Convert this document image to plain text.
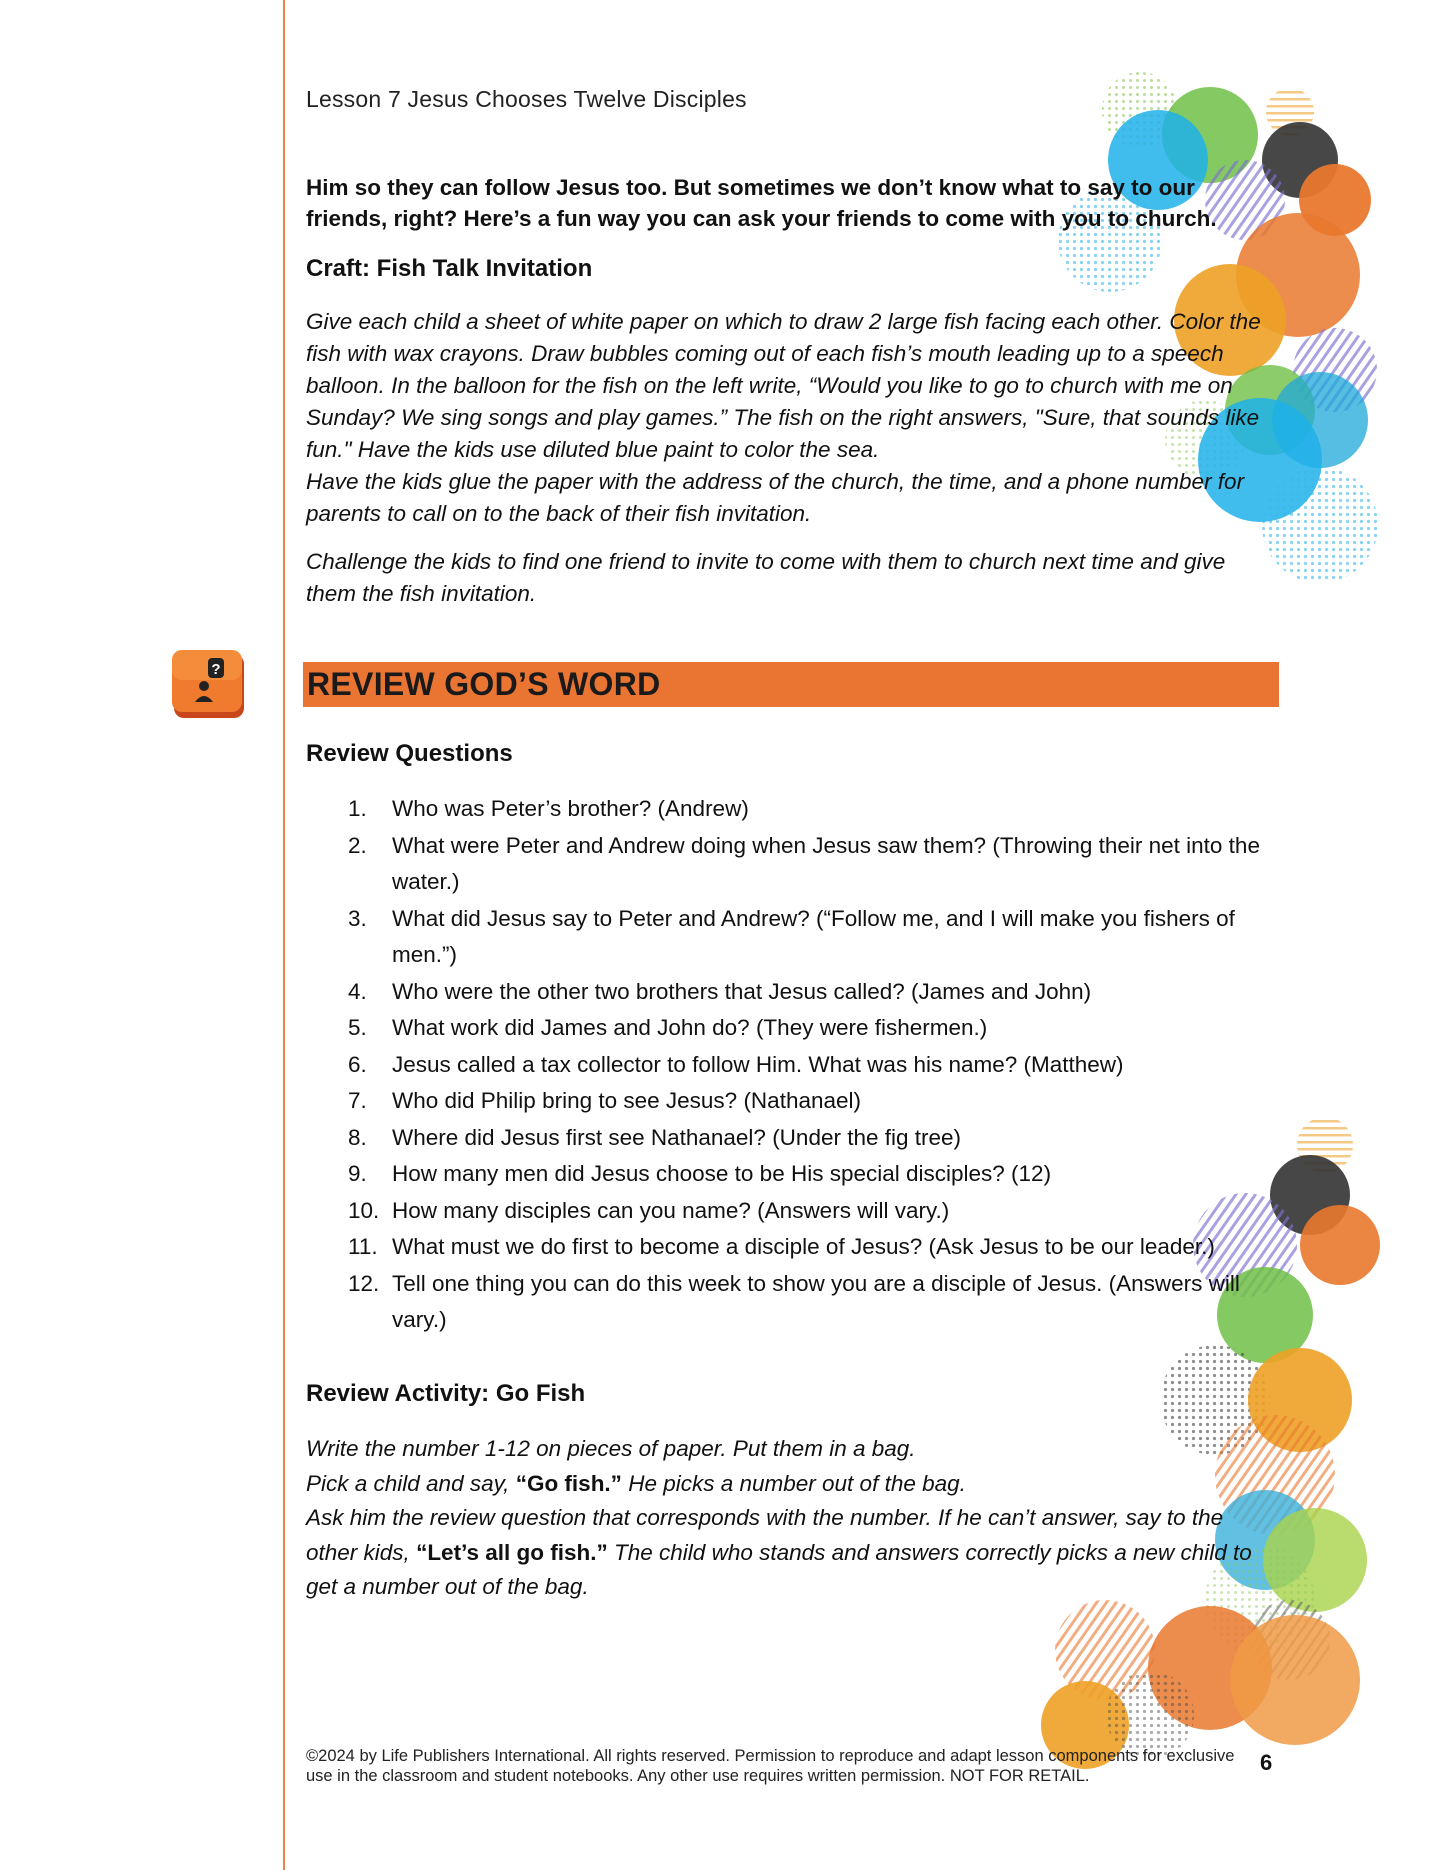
Lesson 7 Jesus Chooses Twelve Disciples

Him so they can follow Jesus too. But sometimes we don’t know what to say to our

friends, right? Here’s a fun way you can ask your friends to come with you to church.

Craft: Fish Talk Invitation

Give each child a sheet of white paper on which to draw 2 large fish facing each other. Color the fish with wax crayons. Draw bubbles coming out of each fish’s mouth leading up to a speech balloon. In the balloon for the fish on the left write, “Would you like to go to church with me on Sunday? We sing songs and play games.” The fish on the right answers, "Sure, that sounds like fun." Have the kids use diluted blue paint to color the sea.

Have the kids glue the paper with the address of the church, the time, and a phone number for parents to call on to the back of their fish invitation.

Challenge the kids to find one friend to invite to come with them to church next time and give them the fish invitation.
?	REVIEW GOD’S WORD
Review Questions
1. Who was Peter’s brother? (Andrew)
2. What were Peter and Andrew doing when Jesus saw them? (Throwing their net into the water.)
3. What did Jesus say to Peter and Andrew? (“Follow me, and I will make you fishers of men.”)
4. Who were the other two brothers that Jesus called? (James and John)
5. What work did James and John do? (They were fishermen.)
6. Jesus called a tax collector to follow Him. What was his name? (Matthew)
7. Who did Philip bring to see Jesus? (Nathanael)
8. Where did Jesus first see Nathanael? (Under the fig tree)
9. How many men did Jesus choose to be His special disciples? (12)
10. How many disciples can you name? (Answers will vary.)
11. What must we do first to become a disciple of Jesus? (Ask Jesus to be our leader.)
12. Tell one thing you can do this week to show you are a disciple of Jesus. (Answers will vary.)
Review Activity: Go Fish

Write the number 1-12 on pieces of paper. Put them in a bag.

Pick a child and say, “Go fish.” He picks a number out of the bag.

Ask him the review question that corresponds with the number. If he can’t answer, say to the other kids, “Let’s all go fish.” The child who stands and answers correctly picks a new child to get a number out of the bag.

©2024 by Life Publishers International. All rights reserved. Permission to reproduce and adapt lesson components for exclusive use in the classroom and student notebooks. Any other use requires written permission. NOT FOR RETAIL.
6
